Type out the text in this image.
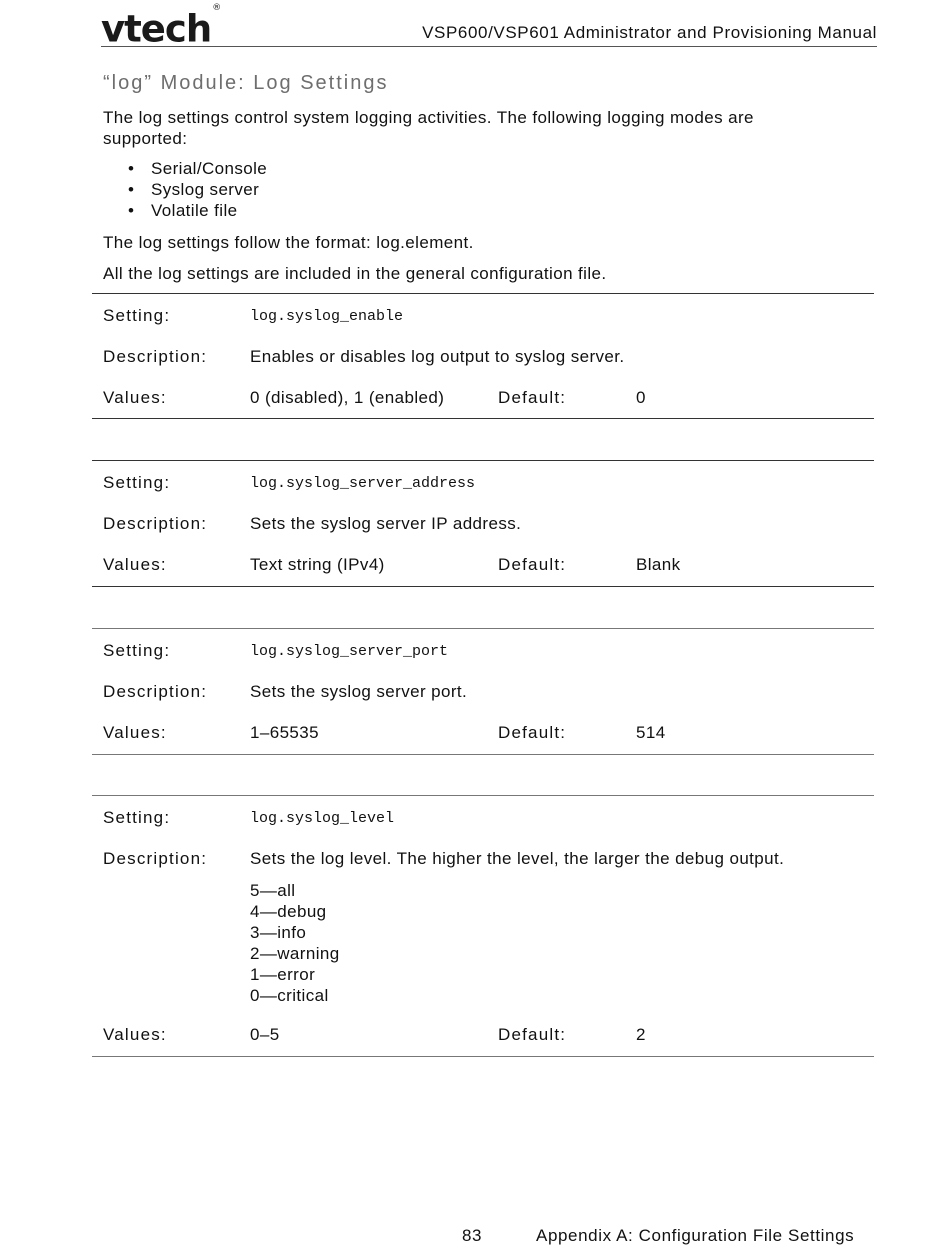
vtech®
VSP600/VSP601 Administrator and Provisioning Manual
“log” Module: Log Settings
The log settings control system logging activities. The following logging modes are
supported:
• Serial/Console
• Syslog server
• Volatile file
The log settings follow the format: log.element.
All the log settings are included in the general configuration file.
Setting:	log.syslog_enable
Description:	Enables or disables log output to syslog server.
Values:	0 (disabled), 1 (enabled)	Default:	0
Setting:	log.syslog_server_address
Description:	Sets the syslog server IP address.
Values:	Text string (IPv4)	Default:	Blank
Setting:	log.syslog_server_port
Description:	Sets the syslog server port.
Values:	1–65535	Default:	514
Setting:	log.syslog_level
Description:	Sets the log level. The higher the level, the larger the debug output.
5—all
4—debug
3—info
2—warning
1—error
0—critical
Values:	0–5	Default:	2
83	Appendix A: Configuration File Settings
